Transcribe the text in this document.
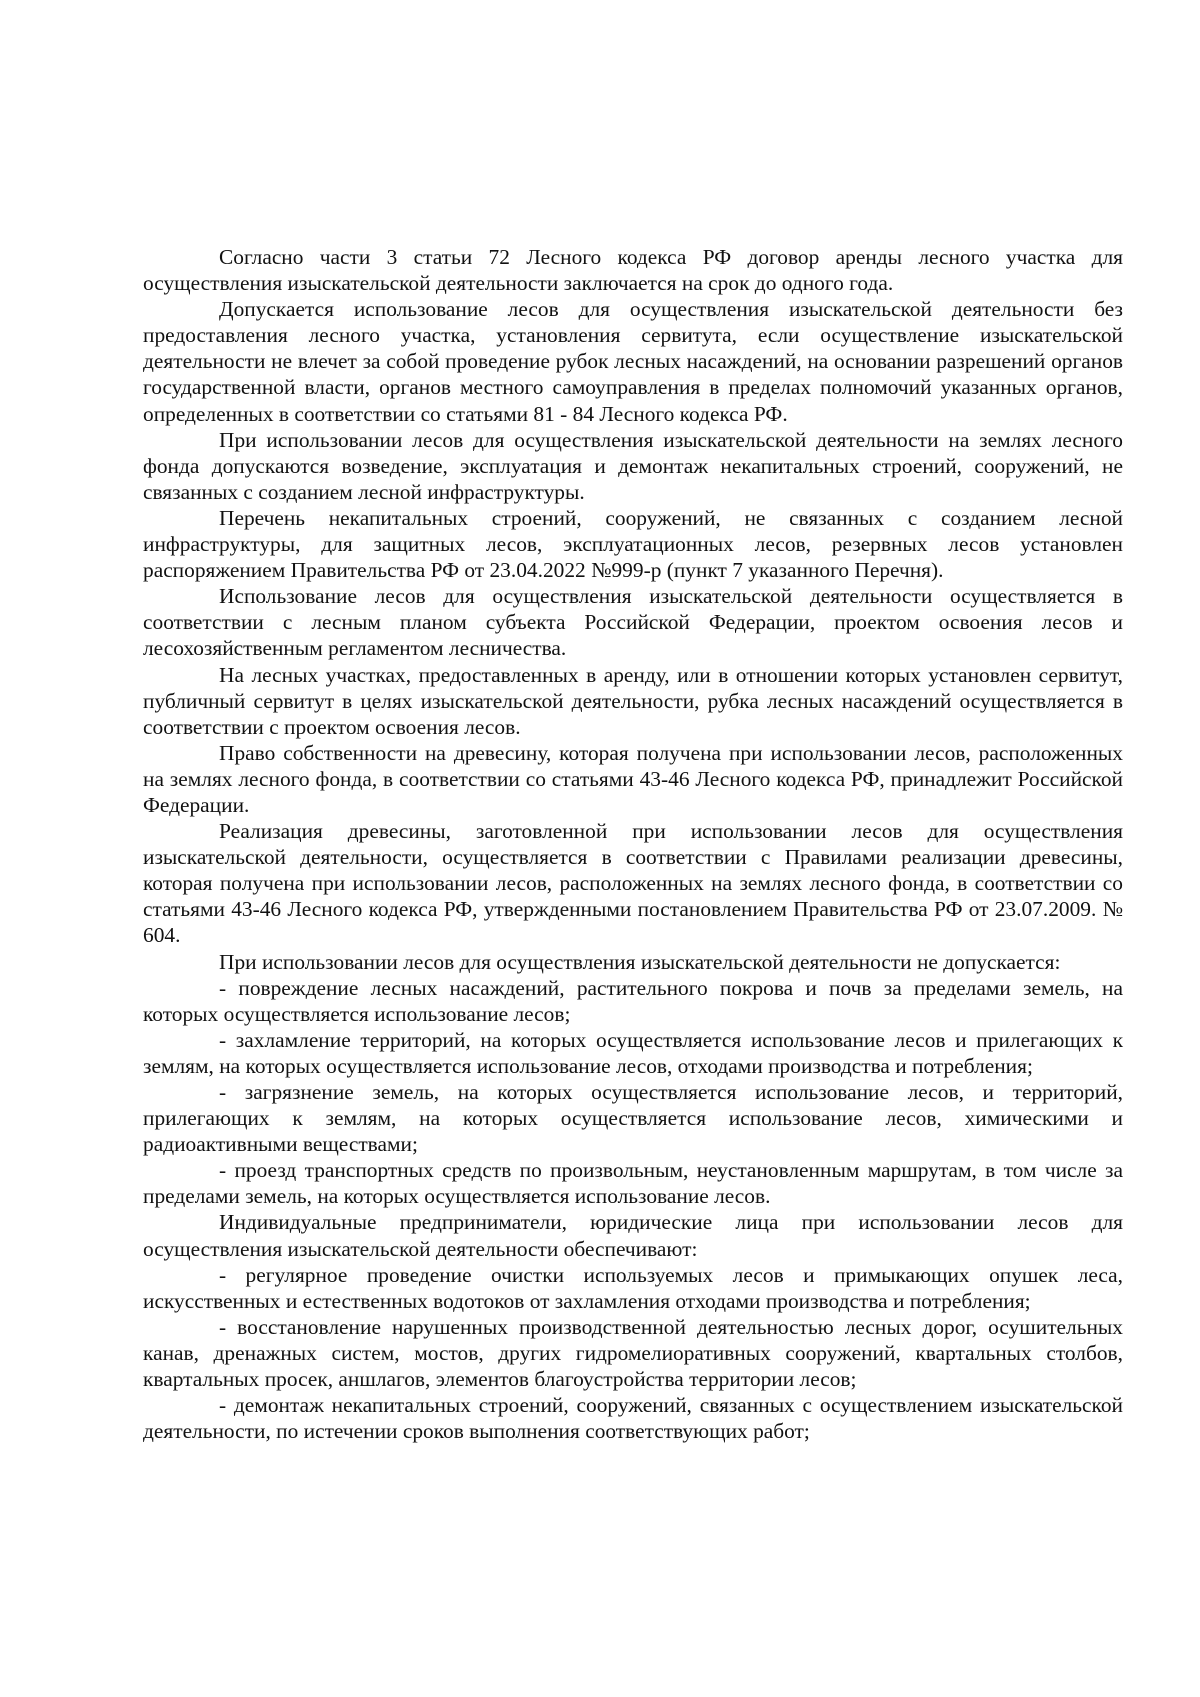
Согласно части 3 статьи 72 Лесного кодекса РФ договор аренды лесного участка для осуществления изыскательской деятельности заключается на срок до одного года.

Допускается использование лесов для осуществления изыскательской деятельности без предоставления лесного участка, установления сервитута, если осуществление изыскательской деятельности не влечет за собой проведение рубок лесных насаждений, на основании разрешений органов государственной власти, органов местного самоуправления в пределах полномочий указанных органов, определенных в соответствии со статьями 81 - 84 Лесного кодекса РФ.

При использовании лесов для осуществления изыскательской деятельности на землях лесного фонда допускаются возведение, эксплуатация и демонтаж некапитальных строений, сооружений, не связанных с созданием лесной инфраструктуры.

Перечень некапитальных строений, сооружений, не связанных с созданием лесной инфраструктуры, для защитных лесов, эксплуатационных лесов, резервных лесов установлен распоряжением Правительства РФ от 23.04.2022 №999-р (пункт 7 указанного Перечня).

Использование лесов для осуществления изыскательской деятельности осуществляется в соответствии с лесным планом субъекта Российской Федерации, проектом освоения лесов и лесохозяйственным регламентом лесничества.

На лесных участках, предоставленных в аренду, или в отношении которых установлен сервитут, публичный сервитут в целях изыскательской деятельности, рубка лесных насаждений осуществляется в соответствии с проектом освоения лесов.

Право собственности на древесину, которая получена при использовании лесов, расположенных на землях лесного фонда, в соответствии со статьями 43-46 Лесного кодекса РФ, принадлежит Российской Федерации.

Реализация древесины, заготовленной при использовании лесов для осуществления изыскательской деятельности, осуществляется в соответствии с Правилами реализации древесины, которая получена при использовании лесов, расположенных на землях лесного фонда, в соответствии со статьями 43-46 Лесного кодекса РФ, утвержденными постановлением Правительства РФ от 23.07.2009. № 604.

При использовании лесов для осуществления изыскательской деятельности не допускается:

- повреждение лесных насаждений, растительного покрова и почв за пределами земель, на которых осуществляется использование лесов;

- захламление территорий, на которых осуществляется использование лесов и прилегающих к землям, на которых осуществляется использование лесов, отходами производства и потребления;

- загрязнение земель, на которых осуществляется использование лесов, и территорий, прилегающих к землям, на которых осуществляется использование лесов, химическими и радиоактивными веществами;

- проезд транспортных средств по произвольным, неустановленным маршрутам, в том числе за пределами земель, на которых осуществляется использование лесов.

Индивидуальные предприниматели, юридические лица при использовании лесов для осуществления изыскательской деятельности обеспечивают:

- регулярное проведение очистки используемых лесов и примыкающих опушек леса, искусственных и естественных водотоков от захламления отходами производства и потребления;

- восстановление нарушенных производственной деятельностью лесных дорог, осушительных канав, дренажных систем, мостов, других гидромелиоративных сооружений, квартальных столбов, квартальных просек, аншлагов, элементов благоустройства территории лесов;

- демонтаж некапитальных строений, сооружений, связанных с осуществлением изыскательской деятельности, по истечении сроков выполнения соответствующих работ;
